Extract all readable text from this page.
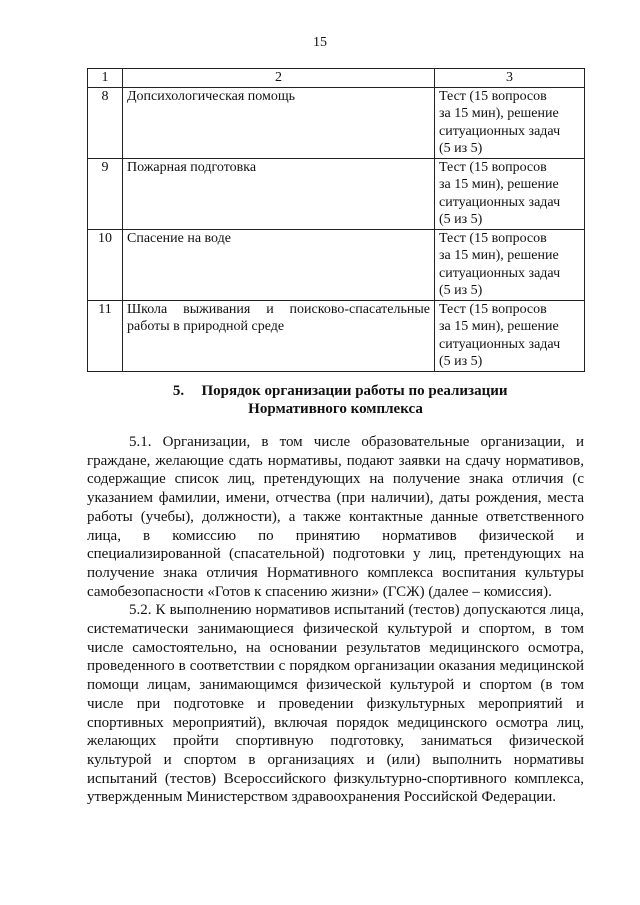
15
1	2	3
8	Допсихологическая помощь	Тест (15 вопросов
за 15 мин), решение
ситуационных задач
(5 из 5)
9	Пожарная подготовка	Тест (15 вопросов
за 15 мин), решение
ситуационных задач
(5 из 5)
10	Спасение на воде	Тест (15 вопросов
за 15 мин), решение
ситуационных задач
(5 из 5)
11	Школа выживания и поисково-спасательные работы в природной среде	Тест (15 вопросов
за 15 мин), решение
ситуационных задач
(5 из 5)
5. Порядок организации работы по реализации
Нормативного комплекса

5.1. Организации, в том числе образовательные организации, и граждане, желающие сдать нормативы, подают заявки на сдачу нормативов, содержащие список лиц, претендующих на получение знака отличия (с указанием фамилии, имени, отчества (при наличии), даты рождения, места работы (учебы), должности), а также контактные данные ответственного лица, в комиссию по принятию нормативов физической и специализированной (спасательной) подготовки у лиц, претендующих на получение знака отличия Нормативного комплекса воспитания культуры самобезопасности «Готов к спасению жизни» (ГСЖ) (далее – комиссия).

5.2. К выполнению нормативов испытаний (тестов) допускаются лица, систематически занимающиеся физической культурой и спортом, в том числе самостоятельно, на основании результатов медицинского осмотра, проведенного в соответствии с порядком организации оказания медицинской помощи лицам, занимающимся физической культурой и спортом (в том числе при подготовке и проведении физкультурных мероприятий и спортивных мероприятий), включая порядок медицинского осмотра лиц, желающих пройти спортивную подготовку, заниматься физической культурой и спортом в организациях и (или) выполнить нормативы испытаний (тестов) Всероссийского физкультурно-спортивного комплекса, утвержденным Министерством здравоохранения Российской Федерации.
